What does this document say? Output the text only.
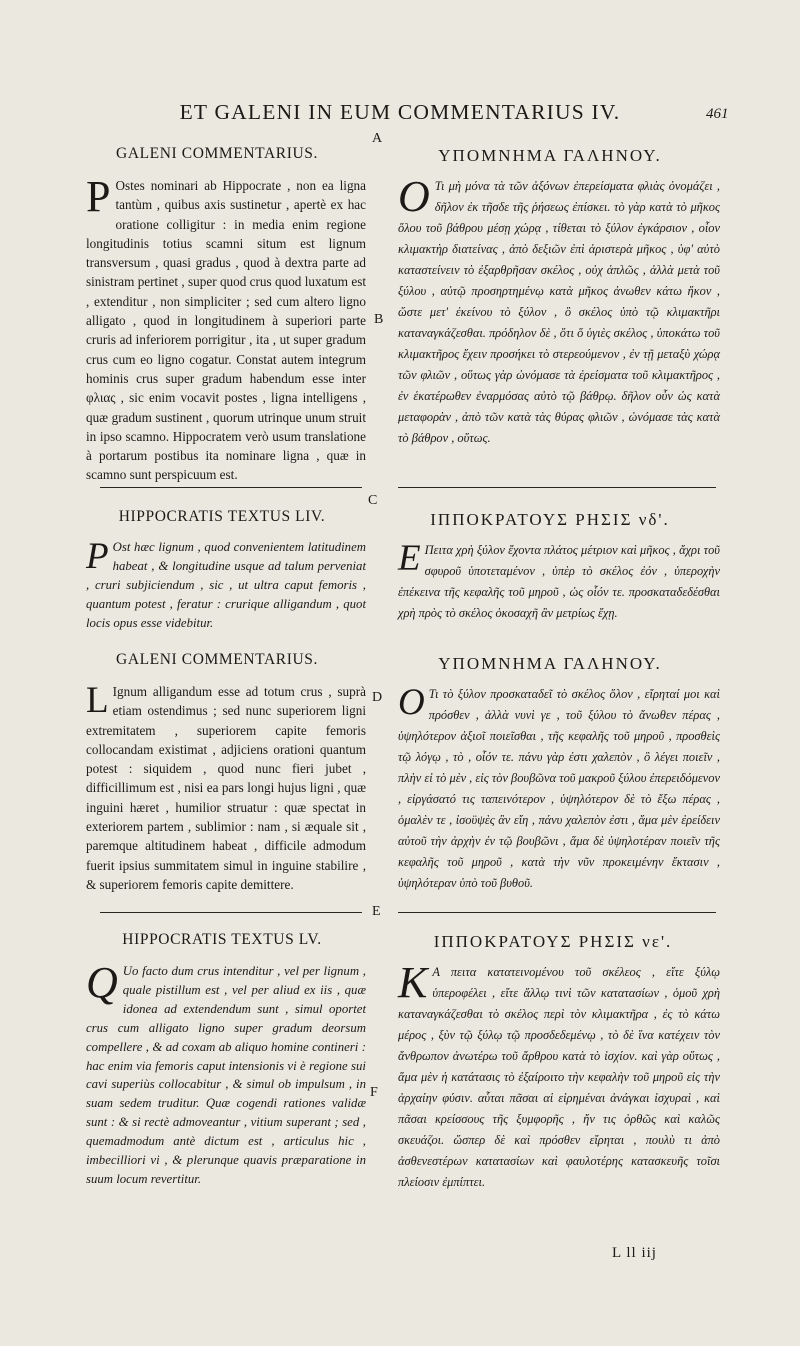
ET GALENI IN EUM COMMENTARIUS IV.	461
A
B
C
D
E
F
GALENI COMMENTARIUS.
P Ostes nominari ab Hippocrate , non ea ligna tantùm , quibus axis sustinetur , apertè ex hac oratione colligitur : in media enim regione longitudinis totius scamni situm est lignum transversum , quasi gradus , quod à dextra parte ad sinistram pertinet , super quod crus quod luxatum est , extenditur , non simpliciter ; sed cum altero ligno alligato , quod in longitudinem à superiori parte cruris ad inferiorem porrigitur , ita , ut super gradum crus cum eo ligno cogatur. Constat autem integrum hominis crus super gradum habendum esse inter φλιας , sic enim vocavit postes , ligna intelligens , quæ gradum sustinent , quorum utrinque unum struit in ipso scamno. Hippocratem verò usum translatione à portarum postibus ita nominare ligna , quæ in scamno sunt perspicuum est.
ΥΠΟΜΝΗΜΑ ΓΑΛΗΝΟΥ.
Ο Τι μὴ μόνα τὰ τῶν ἀξόνων ἐπερείσματα φλιὰς ὀνομάζει , δῆλον ἐκ τῆσδε τῆς ῥήσεως ἐπίσκει. τὸ γὰρ κατὰ τὸ μῆκος ὅλου τοῦ βάθρου μέσῃ χώρᾳ , τίθεται τὸ ξύλον ἐγκάρσιον , οἷον κλιμακτὴρ διατείνας , ἀπὸ δεξιῶν ἐπὶ ἀριστερὰ μῆκος , ὑφ' αὐτὸ καταστείνειν τὸ ἐξαρθρῆσαν σκέλος , οὐχ ἁπλῶς , ἀλλὰ μετὰ τοῦ ξύλου , αὐτῷ προσηρτημένῳ κατὰ μῆκος ἀνωθεν κάτω ἥκον , ὥστε μετ' ἐκείνου τὸ ξύλον , ὃ σκέλος ὑπὸ τῷ κλιμακτῆρι καταναγκάζεσθαι. πρόδηλον δὲ , ὅτι ὅ ὑγιὲς σκέλος , ὑποκάτω τοῦ κλιμακτῆρος ἔχειν προσήκει τὸ στερεούμενον , ἐν τῇ μεταξὺ χώρᾳ τῶν φλιῶν , οὕτως γὰρ ὠνόμασε τὰ ἐρείσματα τοῦ κλιμακτῆρος , ἐν ἑκατέρωθεν ἐναρμόσας αὐτὸ τῷ βάθρῳ. δῆλον οὖν ὡς κατὰ μεταφορὰν , ἀπὸ τῶν κατὰ τὰς θύρας φλιῶν , ὠνόμασε τὰς κατὰ τὸ βάθρον , οὕτως.
HIPPOCRATIS TEXTUS LIV.
P Ost hæc lignum , quod convenientem latitudinem habeat , & longitudine usque ad talum perveniat , cruri subjiciendum , sic , ut ultra caput femoris , quantum potest , feratur : crurique alligandum , quot locis opus esse videbitur.
ΙΠΠΟΚΡΑΤΟΥΣ ΡΗΣΙΣ νδ'.
Ε Πειτα χρὴ ξύλον ἔχοντα πλάτος μέτριον καὶ μῆκος , ἄχρι τοῦ σφυροῦ ὑποτεταμένον , ὑπὲρ τὸ σκέλος ἐόν , ὑπεροχὴν ἐπέκεινα τῆς κεφαλῆς τοῦ μηροῦ , ὡς οἷόν τε. προσκαταδεδέσθαι χρὴ πρὸς τὸ σκέλος ὁκοσαχῆ ἂν μετρίως ἔχῃ.
GALENI COMMENTARIUS.
L Ignum alligandum esse ad totum crus , suprà etiam ostendimus ; sed nunc superiorem ligni extremitatem , superiorem capite femoris collocandam existimat , adjiciens orationi quantum potest : siquidem , quod nunc fieri jubet , difficillimum est , nisi ea pars longi hujus ligni , quæ inguini hæret , humilior struatur : quæ spectat in exteriorem partem , sublimior : nam , si æquale sit , paremque altitudinem habeat , difficile admodum fuerit ipsius summitatem simul in inguine stabilire , & superiorem femoris capite demittere.
ΥΠΟΜΝΗΜΑ ΓΑΛΗΝΟΥ.
Ο Τι τὸ ξύλον προσκαταδεῖ τὸ σκέλος ὅλον , εἴρηταί μοι καὶ πρόσθεν , ἀλλὰ νυνὶ γε , τοῦ ξύλου τὸ ἄνωθεν πέρας , ὑψηλότερον ἀξιοῖ ποιεῖσθαι , τῆς κεφαλῆς τοῦ μηροῦ , προσθεὶς τῷ λόγῳ , τὸ , οἷόν τε. πάνυ γὰρ ἐστι χαλεπὸν , ὃ λέγει ποιεῖν , πλὴν εἰ τὸ μὲν , εἰς τὸν βουβῶνα τοῦ μακροῦ ξύλου ἐπερειδόμενον , εἰργάσατό τις ταπεινότερον , ὑψηλότερον δὲ τὸ ἔξω πέρας , ὁμαλὲν τε , ἰσοϋψὲς ἂν εἴη , πάνυ χαλεπὸν ἐστι , ἅμα μὲν ἐρείδειν αὐτοῦ τὴν ἀρχὴν ἐν τῷ βουβῶνι , ἅμα δὲ ὑψηλοτέραν ποιεῖν τῆς κεφαλῆς τοῦ μηροῦ , κατὰ τὴν νῦν προκειμένην ἔκτασιν , ὑψηλότεραν ὑπὸ τοῦ βυθοῦ.
HIPPOCRATIS TEXTUS LV.
Q Uo facto dum crus intenditur , vel per lignum , quale pistillum est , vel per aliud ex iis , quæ idonea ad extendendum sunt , simul oportet crus cum alligato ligno super gradum deorsum compellere , & ad coxam ab aliquo homine contineri : hac enim via femoris caput intensionis vi è regione sui cavi superiùs collocabitur , & simul ob impulsum , in suam sedem truditur. Quæ cogendi rationes validæ sunt : & si rectè admoveantur , vitium superant ; sed , quemadmodum antè dictum est , articulus hic , imbecilliori vi , & plerunque quavis præparatione in suum locum revertitur.
ΙΠΠΟΚΡΑΤΟΥΣ ΡΗΣΙΣ νε'.
Κ Α πειτα κατατεινομένου τοῦ σκέλεος , εἴτε ξύλῳ ὑπεροφέλει , εἴτε ἄλλῳ τινὶ τῶν κατατασίων , ὁμοῦ χρὴ καταναγκάζεσθαι τὸ σκέλος περὶ τὸν κλιμακτῆρα , ἐς τὸ κάτω μέρος , ξὺν τῷ ξύλῳ τῷ προσδεδεμένῳ , τὸ δὲ ἵνα κατέχειν τὸν ἄνθρωπον ἀνωτέρω τοῦ ἄρθρου κατὰ τὸ ἰσχίον. καὶ γὰρ οὕτως , ἅμα μὲν ἡ κατάτασις τὸ ἐξαίροιτο τὴν κεφαλὴν τοῦ μηροῦ εἰς τὴν ἀρχαίην φύσιν. αὗται πᾶσαι αἱ εἰρημέναι ἀνάγκαι ἰσχυραὶ , καὶ πᾶσαι κρείσσους τῆς ξυμφορῆς , ἤν τις ὀρθῶς καὶ καλῶς σκευάζοι. ὥσπερ δὲ καὶ πρόσθεν εἴρηται , πουλὺ τι ἀπὸ ἀσθενεστέρων κατατασίων καὶ φαυλοτέρης κατασκευῆς τοῖσι πλείοσιν ἐμπίπτει.
L ll iij
